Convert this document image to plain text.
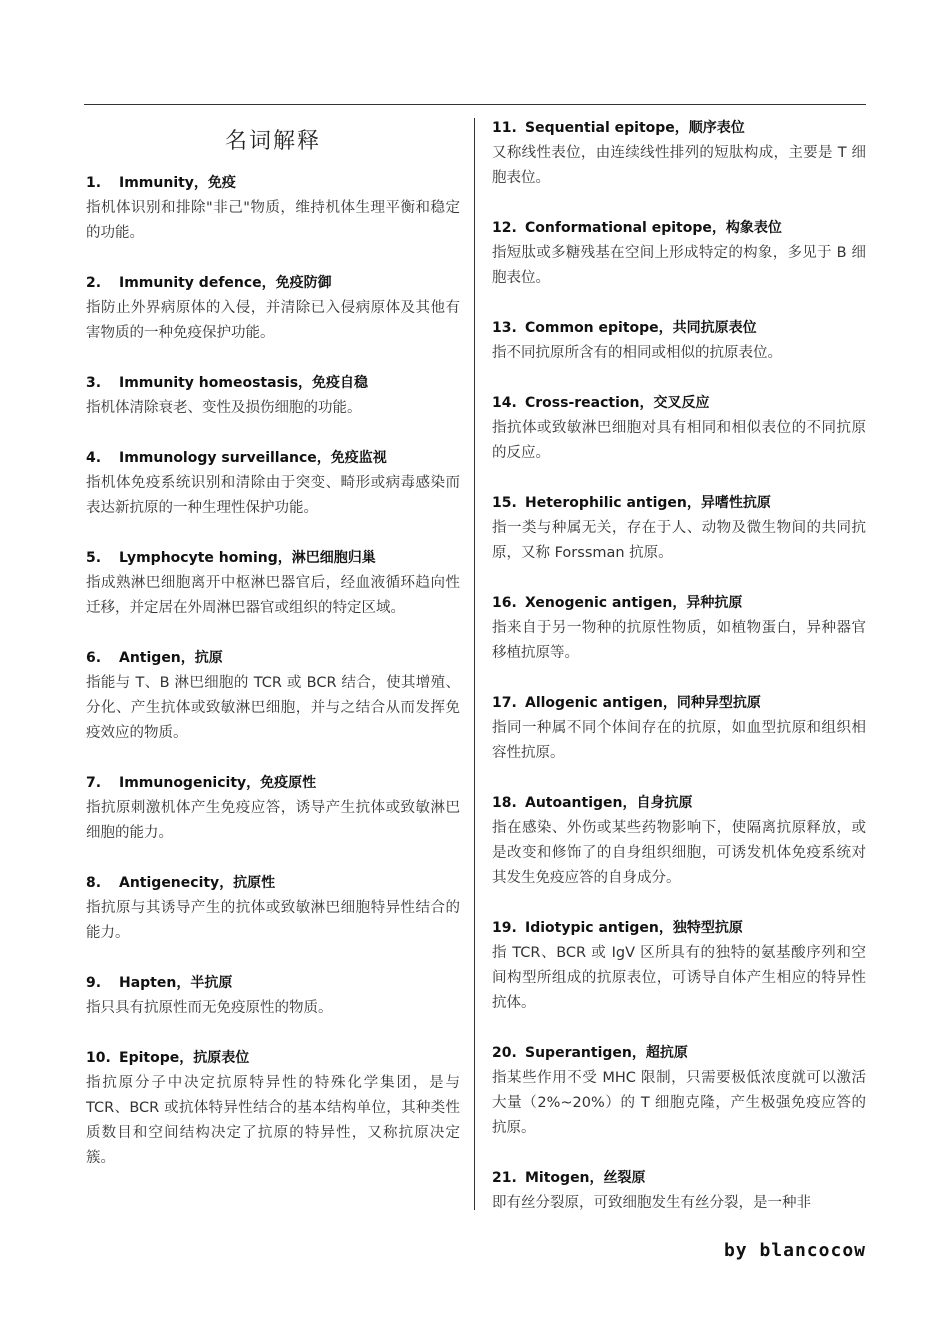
名词解释
1. Immunity，免疫
指机体识别和排除"非己"物质，维持机体生理平衡和稳定的功能。
2. Immunity defence，免疫防御
指防止外界病原体的入侵，并清除已入侵病原体及其他有害物质的一种免疫保护功能。
3. Immunity homeostasis，免疫自稳
指机体清除衰老、变性及损伤细胞的功能。
4. Immunology surveillance，免疫监视
指机体免疫系统识别和清除由于突变、畸形或病毒感染而表达新抗原的一种生理性保护功能。
5. Lymphocyte homing，淋巴细胞归巢
指成熟淋巴细胞离开中枢淋巴器官后，经血液循环趋向性迁移，并定居在外周淋巴器官或组织的特定区域。
6. Antigen，抗原
指能与 T、B 淋巴细胞的 TCR 或 BCR 结合，使其增殖、分化、产生抗体或致敏淋巴细胞，并与之结合从而发挥免疫效应的物质。
7. Immunogenicity，免疫原性
指抗原刺激机体产生免疫应答，诱导产生抗体或致敏淋巴细胞的能力。
8. Antigenecity，抗原性
指抗原与其诱导产生的抗体或致敏淋巴细胞特异性结合的能力。
9. Hapten，半抗原
指只具有抗原性而无免疫原性的物质。
10. Epitope，抗原表位
指抗原分子中决定抗原特异性的特殊化学集团，是与 TCR、BCR 或抗体特异性结合的基本结构单位，其种类性质数目和空间结构决定了抗原的特异性，又称抗原决定簇。
11. Sequential epitope，顺序表位
又称线性表位，由连续线性排列的短肽构成，主要是 T 细胞表位。
12. Conformational epitope，构象表位
指短肽或多糖残基在空间上形成特定的构象，多见于 B 细胞表位。
13. Common epitope，共同抗原表位
指不同抗原所含有的相同或相似的抗原表位。
14. Cross-reaction，交叉反应
指抗体或致敏淋巴细胞对具有相同和相似表位的不同抗原的反应。
15. Heterophilic antigen，异嗜性抗原
指一类与种属无关，存在于人、动物及微生物间的共同抗原，又称 Forssman 抗原。
16. Xenogenic antigen，异种抗原
指来自于另一物种的抗原性物质，如植物蛋白，异种器官移植抗原等。
17. Allogenic antigen，同种异型抗原
指同一种属不同个体间存在的抗原，如血型抗原和组织相容性抗原。
18. Autoantigen，自身抗原
指在感染、外伤或某些药物影响下，使隔离抗原释放，或是改变和修饰了的自身组织细胞，可诱发机体免疫系统对其发生免疫应答的自身成分。
19. Idiotypic antigen，独特型抗原
指 TCR、BCR 或 IgV 区所具有的独特的氨基酸序列和空间构型所组成的抗原表位，可诱导自体产生相应的特异性抗体。
20. Superantigen，超抗原
指某些作用不受 MHC 限制，只需要极低浓度就可以激活大量（2%~20%）的 T 细胞克隆，产生极强免疫应答的抗原。
21. Mitogen，丝裂原
即有丝分裂原，可致细胞发生有丝分裂，是一种非
by blancocow
